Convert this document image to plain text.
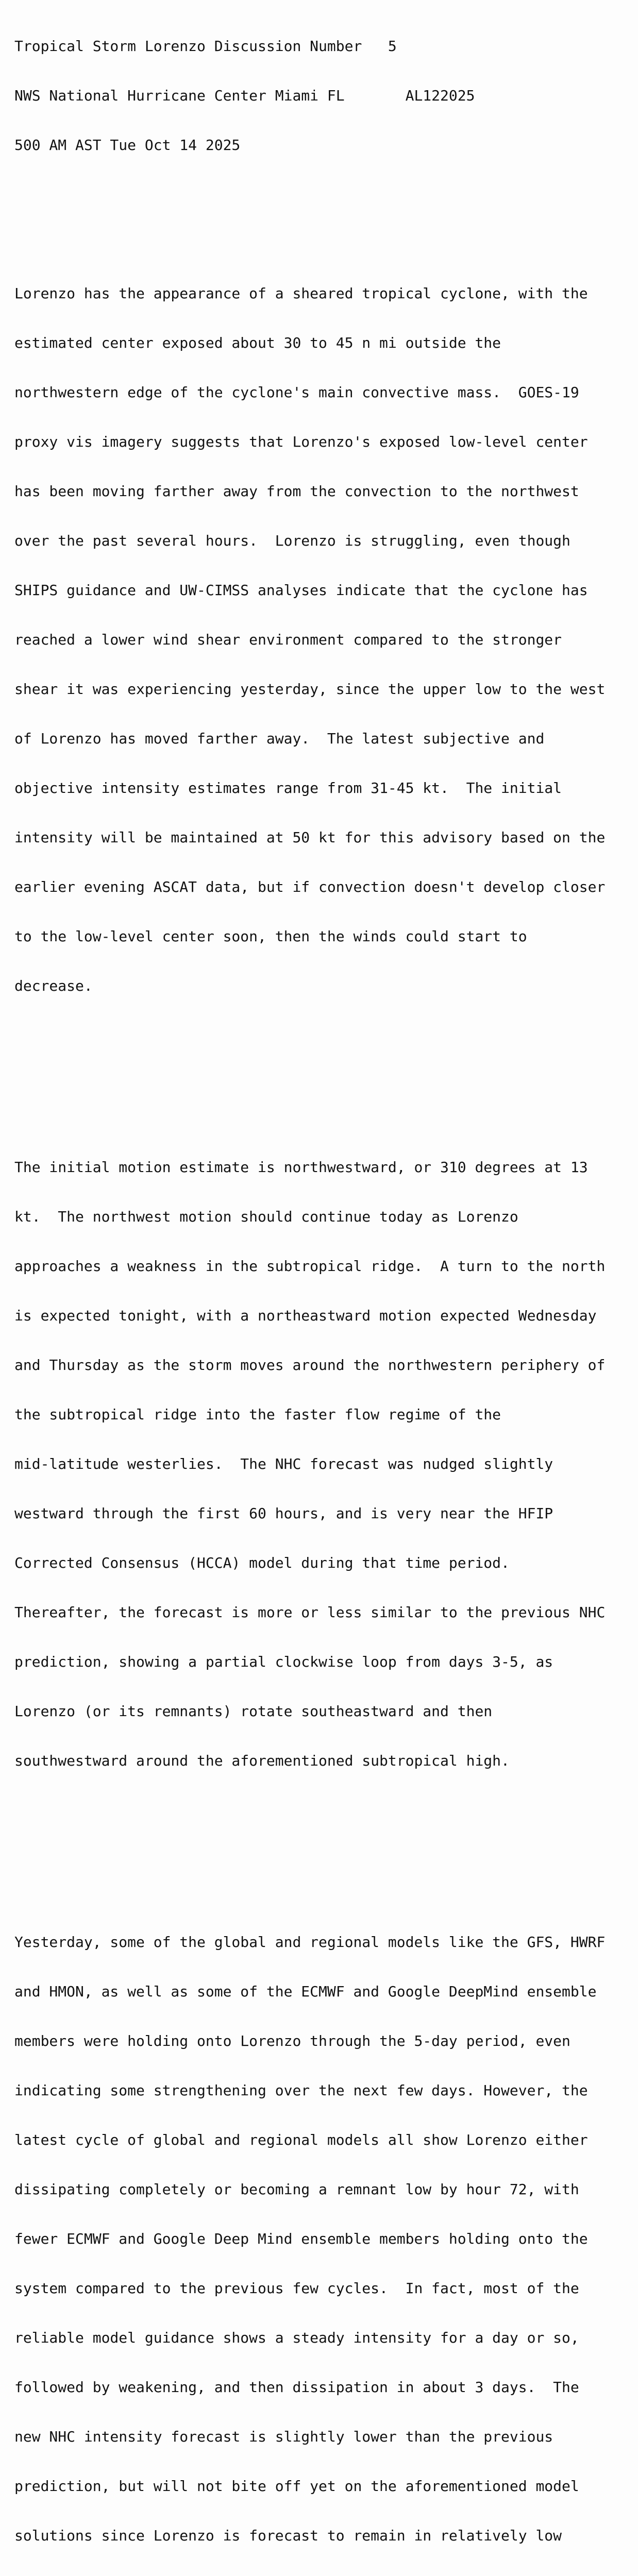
Tropical Storm Lorenzo Discussion Number   5

NWS National Hurricane Center Miami FL       AL122025

500 AM AST Tue Oct 14 2025

Lorenzo has the appearance of a sheared tropical cyclone, with the

estimated center exposed about 30 to 45 n mi outside the

northwestern edge of the cyclone's main convective mass.  GOES-19

proxy vis imagery suggests that Lorenzo's exposed low-level center

has been moving farther away from the convection to the northwest

over the past several hours.  Lorenzo is struggling, even though

SHIPS guidance and UW-CIMSS analyses indicate that the cyclone has

reached a lower wind shear environment compared to the stronger

shear it was experiencing yesterday, since the upper low to the west

of Lorenzo has moved farther away.  The latest subjective and

objective intensity estimates range from 31-45 kt.  The initial

intensity will be maintained at 50 kt for this advisory based on the

earlier evening ASCAT data, but if convection doesn't develop closer

to the low-level center soon, then the winds could start to

decrease.

The initial motion estimate is northwestward, or 310 degrees at 13

kt.  The northwest motion should continue today as Lorenzo

approaches a weakness in the subtropical ridge.  A turn to the north

is expected tonight, with a northeastward motion expected Wednesday

and Thursday as the storm moves around the northwestern periphery of

the subtropical ridge into the faster flow regime of the

mid-latitude westerlies.  The NHC forecast was nudged slightly

westward through the first 60 hours, and is very near the HFIP

Corrected Consensus (HCCA) model during that time period.

Thereafter, the forecast is more or less similar to the previous NHC

prediction, showing a partial clockwise loop from days 3-5, as

Lorenzo (or its remnants) rotate southeastward and then

southwestward around the aforementioned subtropical high.

Yesterday, some of the global and regional models like the GFS, HWRF

and HMON, as well as some of the ECMWF and Google DeepMind ensemble

members were holding onto Lorenzo through the 5-day period, even

indicating some strengthening over the next few days. However, the

latest cycle of global and regional models all show Lorenzo either

dissipating completely or becoming a remnant low by hour 72, with

fewer ECMWF and Google Deep Mind ensemble members holding onto the

system compared to the previous few cycles.  In fact, most of the

reliable model guidance shows a steady intensity for a day or so,

followed by weakening, and then dissipation in about 3 days.  The

new NHC intensity forecast is slightly lower than the previous

prediction, but will not bite off yet on the aforementioned model

solutions since Lorenzo is forecast to remain in relatively low
